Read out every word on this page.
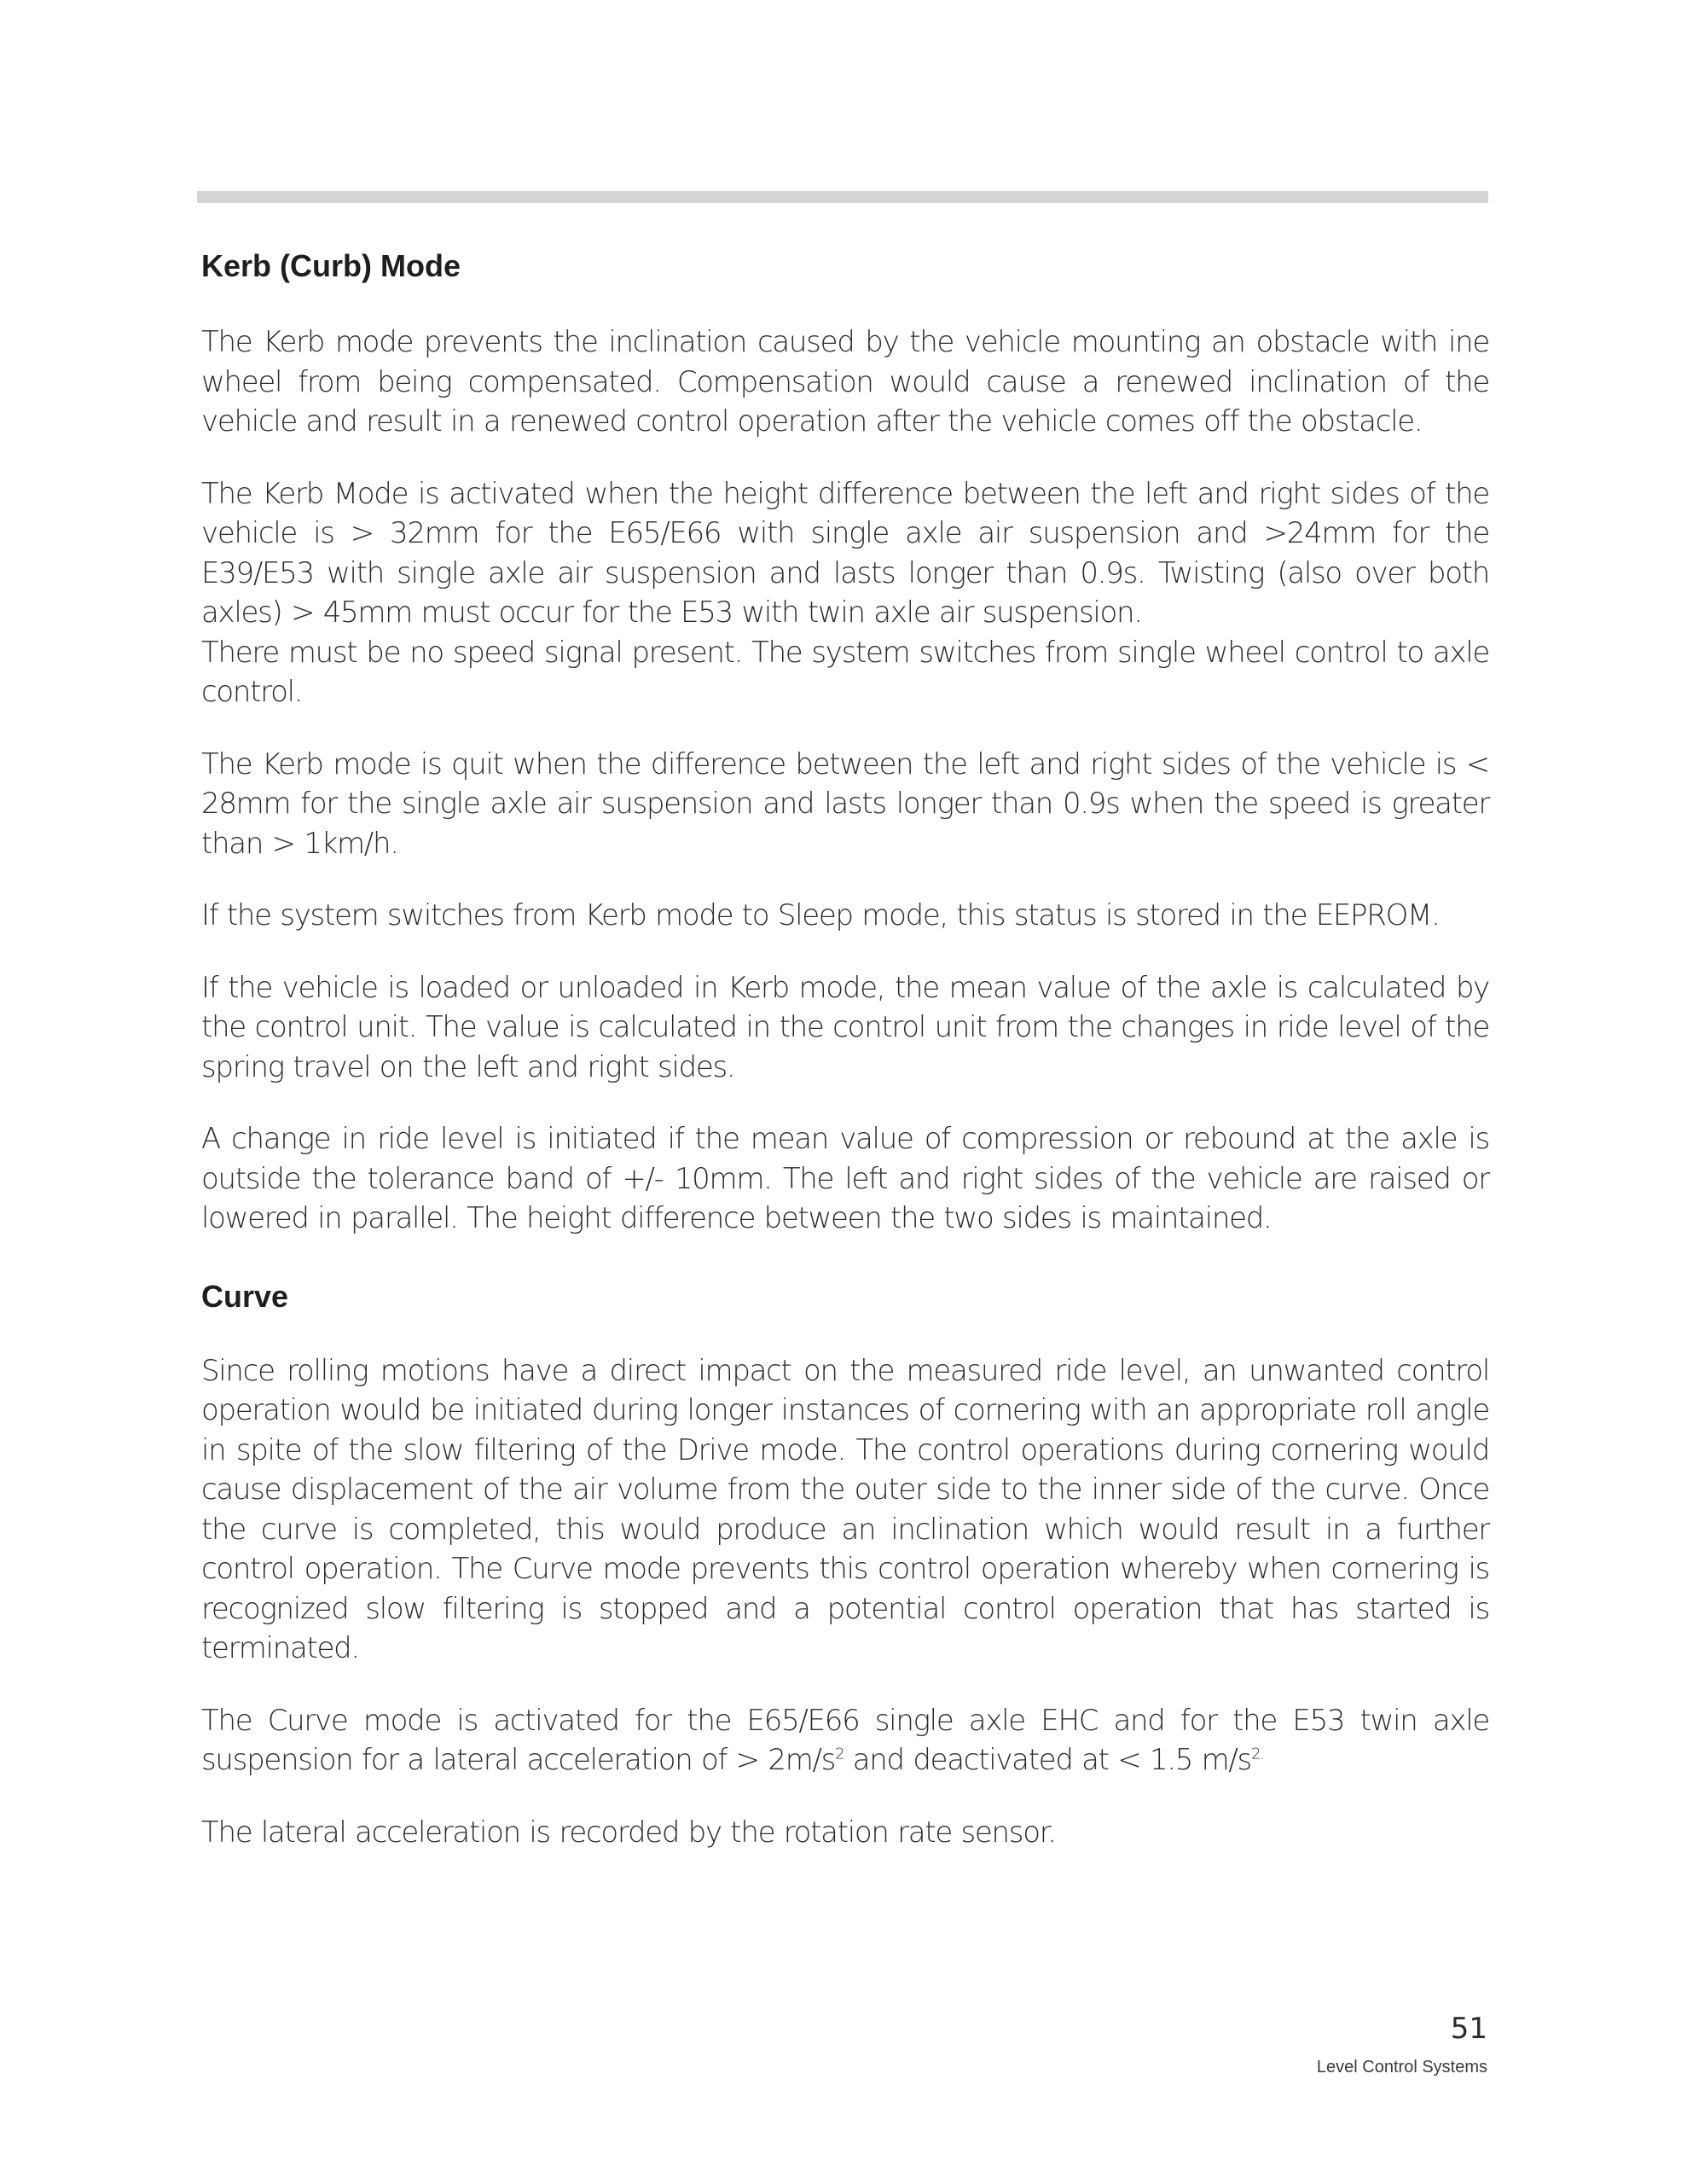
Kerb (Curb) Mode

The Kerb mode prevents the inclination caused by the vehicle mounting an obstacle with ine wheel from being compensated. Compensation would cause a renewed inclination of the vehicle and result in a renewed control operation after the vehicle comes off the obstacle.

The Kerb Mode is activated when the height difference between the left and right sides of the vehicle is > 32mm for the E65/E66 with single axle air suspension and >24mm for the E39/E53 with single axle air suspension and lasts longer than 0.9s. Twisting (also over both axles) > 45mm must occur for the E53 with twin axle air suspension.

There must be no speed signal present. The system switches from single wheel control to axle control.

The Kerb mode is quit when the difference between the left and right sides of the vehicle is < 28mm for the single axle air suspension and lasts longer than 0.9s when the speed is greater than > 1km/h.

If the system switches from Kerb mode to Sleep mode, this status is stored in the EEPROM.

If the vehicle is loaded or unloaded in Kerb mode, the mean value of the axle is calculated by the control unit. The value is calculated in the control unit from the changes in ride level of the spring travel on the left and right sides.

A change in ride level is initiated if the mean value of compression or rebound at the axle is outside the tolerance band of +/- 10mm. The left and right sides of the vehicle are raised or lowered in parallel. The height difference between the two sides is maintained.

Curve

Since rolling motions have a direct impact on the measured ride level, an unwanted control operation would be initiated during longer instances of cornering with an appropriate roll angle in spite of the slow filtering of the Drive mode. The control operations during cornering would cause displacement of the air volume from the outer side to the inner side of the curve. Once the curve is completed, this would produce an inclination which would result in a further control operation. The Curve mode prevents this control operation whereby when cornering is recognized slow filtering is stopped and a potential control operation that has started is terminated.

The Curve mode is activated for the E65/E66 single axle EHC and for the E53 twin axle suspension for a lateral acceleration of > $2m/s^2$ and deactivated at < 1.5 $m/s^{2.}$

The lateral acceleration is recorded by the rotation rate sensor.

51
Level Control Systems
